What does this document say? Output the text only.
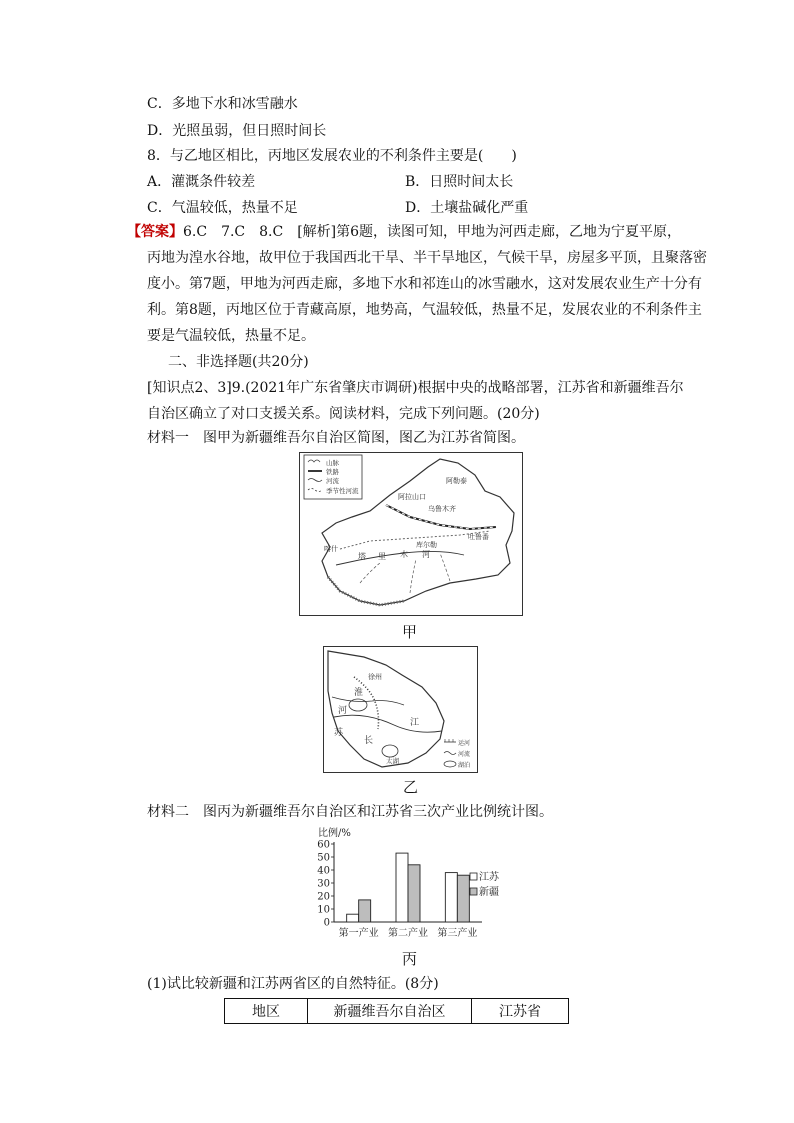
C．多地下水和冰雪融水
D．光照虽弱，但日照时间长
8．与乙地区相比，丙地区发展农业的不利条件主要是(　　)
A．灌溉条件较差	B．日照时间太长
C．气温较低，热量不足	D．土壤盐碱化严重
【答案】6.C　7.C　8.C　[解析]第6题，读图可知，甲地为河西走廊，乙地为宁夏平原，
丙地为湟水谷地，故甲位于我国西北干旱、半干旱地区，气候干旱，房屋多平顶，且聚落密
度小。第7题，甲地为河西走廊，多地下水和祁连山的冰雪融水，这对发展农业生产十分有
利。第8题，丙地区位于青藏高原，地势高，气温较低，热量不足，发展农业的不利条件主
要是气温较低，热量不足。
二、非选择题(共20分)
[知识点2、3]9.(2021年广东省肇庆市调研)根据中央的战略部署，江苏省和新疆维吾尔
自治区确立了对口支援关系。阅读材料，完成下列问题。(20分)
材料一　图甲为新疆维吾尔自治区简图，图乙为江苏省简图。
山脉
铁路
河流
季节性河流
阿勒泰
阿拉山口
乌鲁木齐
吐鲁番
库尔勒
喀什
塔 里 木 河
甲
徐州
淮
河
江
苏
长
太湖
运河
河流
湖泊
乙
材料二　图丙为新疆维吾尔自治区和江苏省三次产业比例统计图。
比例/%
0
10
20
30
40
50
60
第一产业 第二产业 第三产业
江苏
新疆
丙
(1)试比较新疆和江苏两省区的自然特征。(8分)
地区	新疆维吾尔自治区	江苏省
